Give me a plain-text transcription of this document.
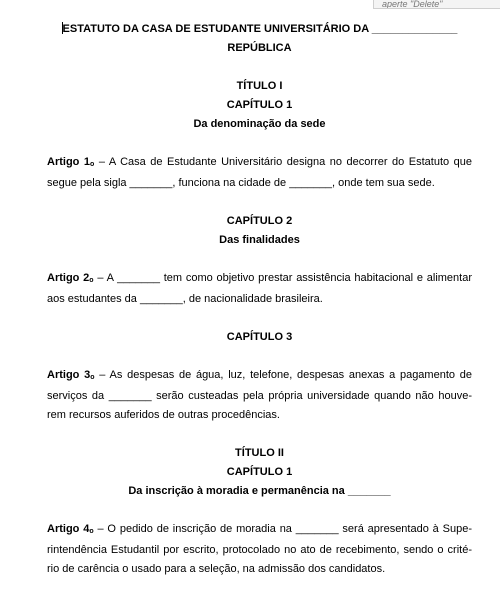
aperte "Delete"
ESTATUTO DA CASA DE ESTUDANTE UNIVERSITÁRIO DA ______________
REPÚBLICA
TÍTULO I
CAPÍTULO 1
Da denominação da sede

Artigo 1o – A Casa de Estudante Universitário designa no decorrer do Estatuto que segue pela sigla _______, funciona na cidade de _______, onde tem sua sede.

CAPÍTULO 2
Das finalidades

Artigo 2o – A _______ tem como objetivo prestar assistência habitacional e alimentar aos estudantes da _______, de nacionalidade brasileira.

CAPÍTULO 3

Artigo 3o – As despesas de água, luz, telefone, despesas anexas a pagamento de serviços da _______ serão custeadas pela própria universidade quando não houve-rem recursos auferidos de outras procedências.

TÍTULO II
CAPÍTULO 1
Da inscrição à moradia e permanência na _______

Artigo 4o – O pedido de inscrição de moradia na _______ será apresentado à Supe-rintendência Estudantil por escrito, protocolado no ato de recebimento, sendo o crité-rio de carência o usado para a seleção, na admissão dos candidatos.
